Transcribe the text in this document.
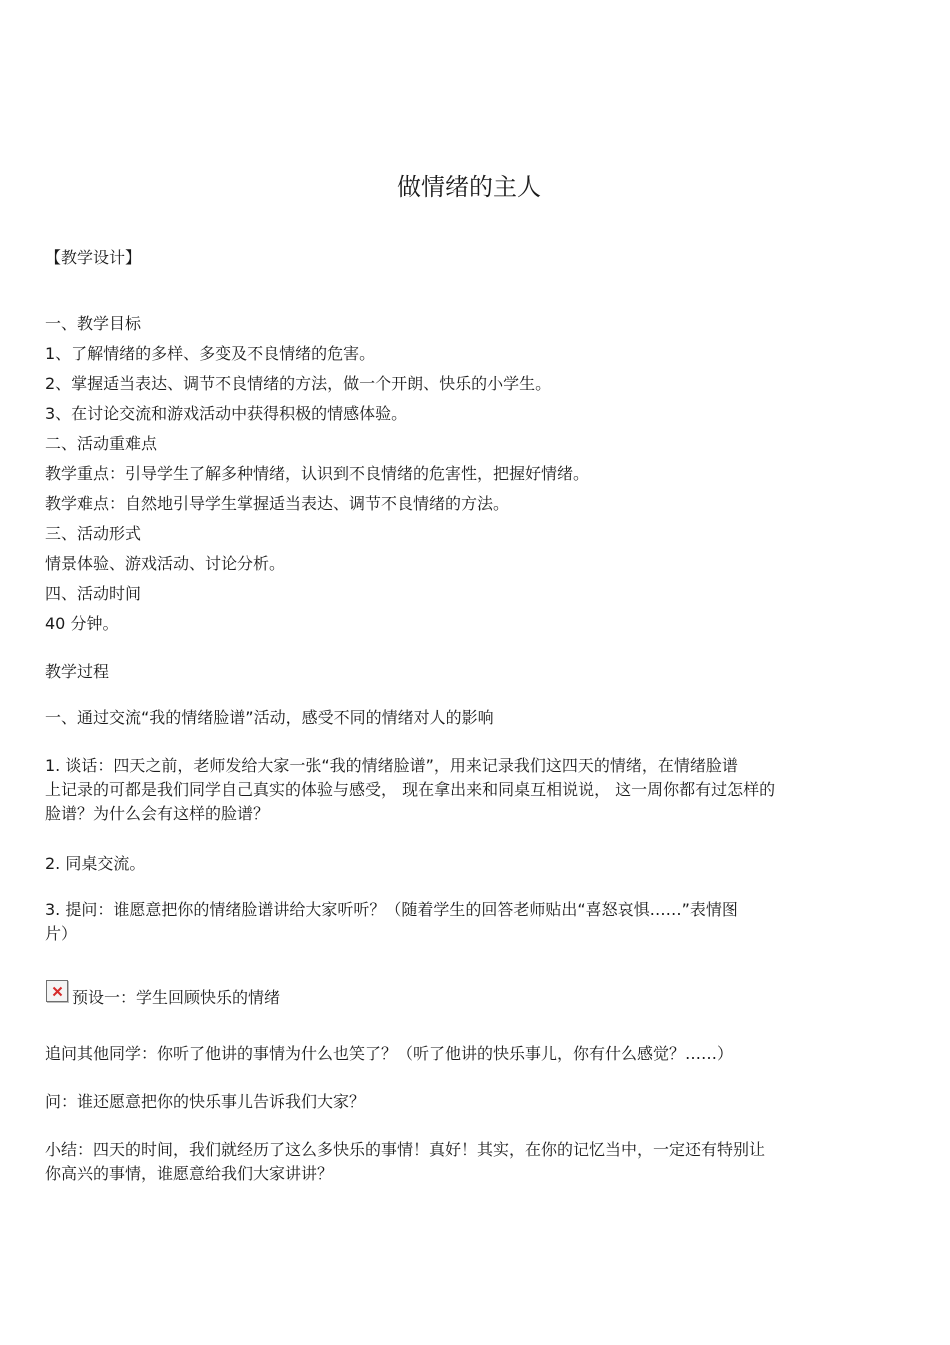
做情绪的主人

【教学设计】

一、教学目标

1、了解情绪的多样、多变及不良情绪的危害。

2、掌握适当表达、调节不良情绪的方法，做一个开朗、快乐的小学生。

3、在讨论交流和游戏活动中获得积极的情感体验。

二、活动重难点

教学重点：引导学生了解多种情绪，认识到不良情绪的危害性，把握好情绪。

教学难点：自然地引导学生掌握适当表达、调节不良情绪的方法。

三、活动形式

情景体验、游戏活动、讨论分析。

四、活动时间

40 分钟。

教学过程

一、通过交流“我的情绪脸谱”活动，感受不同的情绪对人的影响

1. 谈话：四天之前，老师发给大家一张“我的情绪脸谱”，用来记录我们这四天的情绪，在情绪脸谱
上记录的可都是我们同学自己真实的体验与感受， 现在拿出来和同桌互相说说， 这一周你都有过怎样的
脸谱？为什么会有这样的脸谱？

2. 同桌交流。

3. 提问：谁愿意把你的情绪脸谱讲给大家听听？（随着学生的回答老师贴出“喜怒哀惧……”表情图
片）

预设一：学生回顾快乐的情绪

追问其他同学：你听了他讲的事情为什么也笑了？（听了他讲的快乐事儿，你有什么感觉？……）

问：谁还愿意把你的快乐事儿告诉我们大家？

小结：四天的时间，我们就经历了这么多快乐的事情！真好！其实，在你的记忆当中，一定还有特别让
你高兴的事情，谁愿意给我们大家讲讲？
